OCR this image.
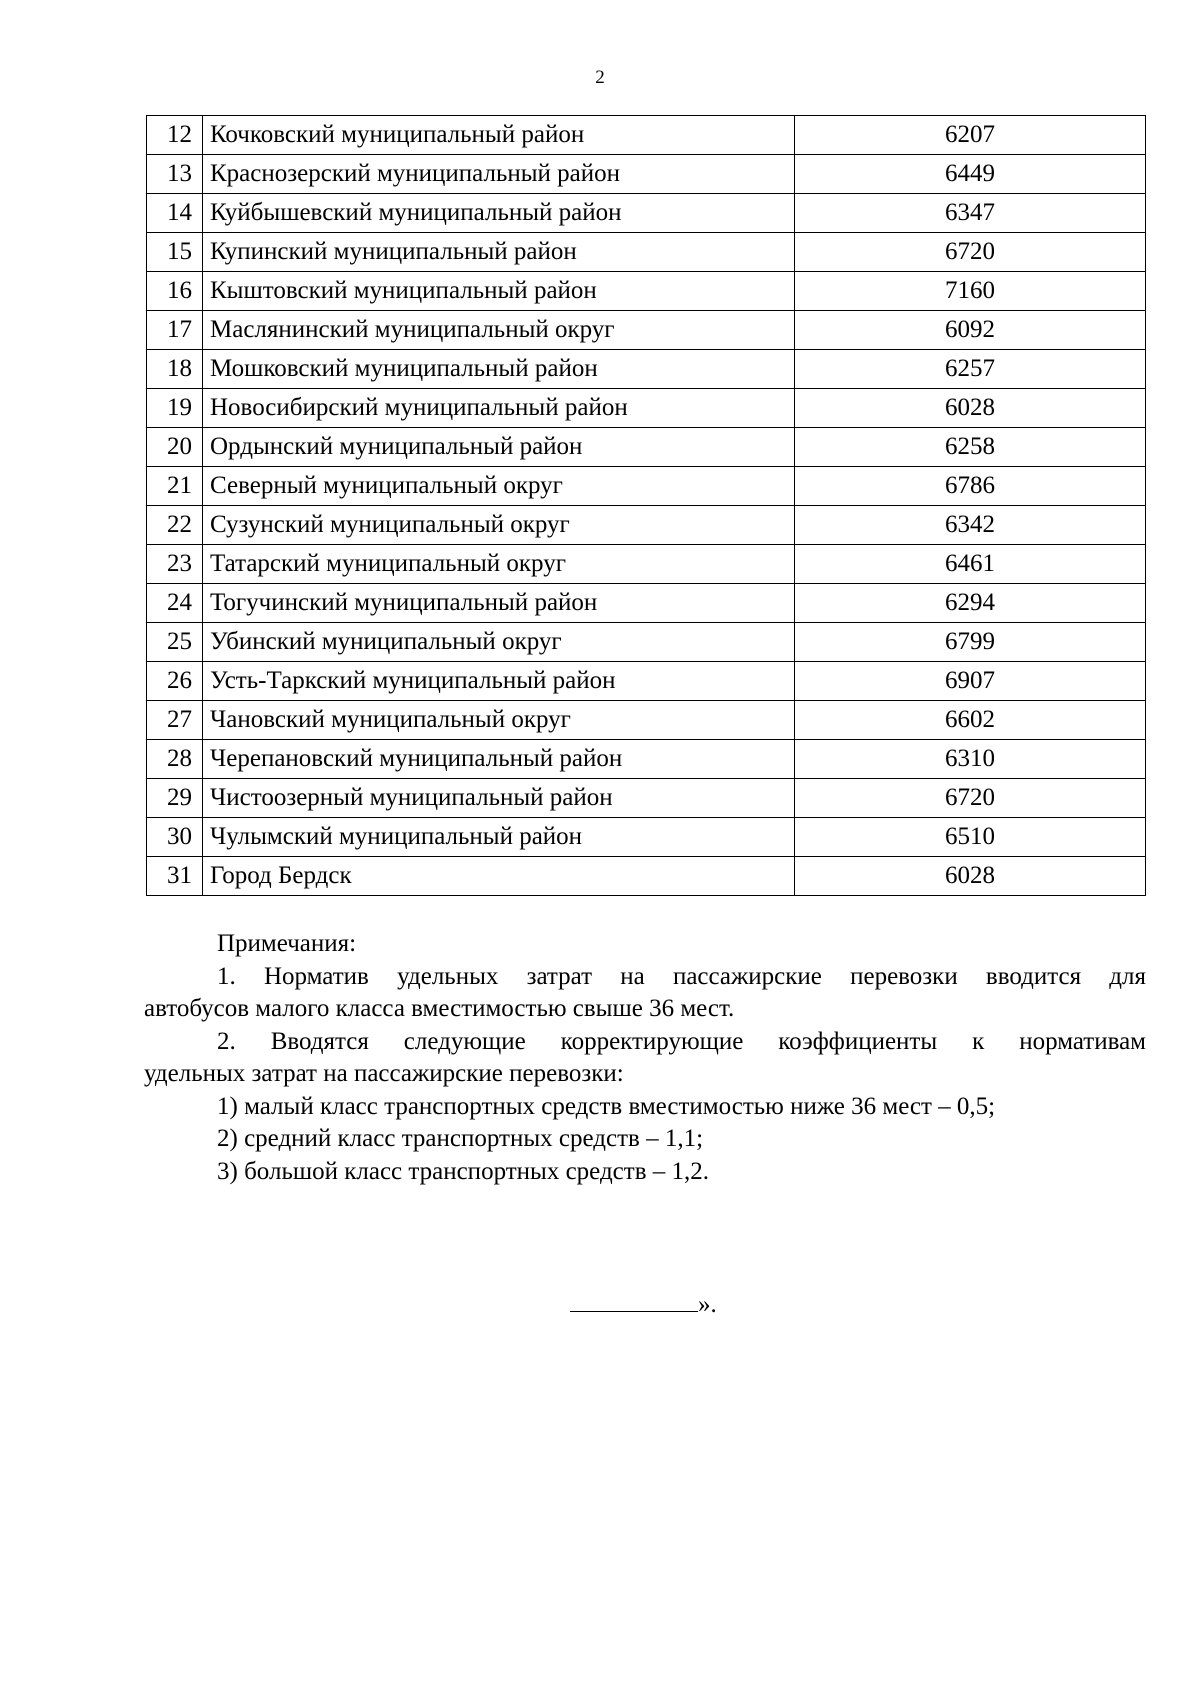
2
12	Кочковский муниципальный район	6207
13	Краснозерский муниципальный район	6449
14	Куйбышевский муниципальный район	6347
15	Купинский муниципальный район	6720
16	Кыштовский муниципальный район	7160
17	Маслянинский муниципальный округ	6092
18	Мошковский муниципальный район	6257
19	Новосибирский муниципальный район	6028
20	Ордынский муниципальный район	6258
21	Северный муниципальный округ	6786
22	Сузунский муниципальный округ	6342
23	Татарский муниципальный округ	6461
24	Тогучинский муниципальный район	6294
25	Убинский муниципальный округ	6799
26	Усть-Таркский муниципальный район	6907
27	Чановский муниципальный округ	6602
28	Черепановский муниципальный район	6310
29	Чистоозерный муниципальный район	6720
30	Чулымский муниципальный район	6510
31	Город Бердск	6028

Примечания:

1. Норматив удельных затрат на пассажирские перевозки вводится для

автобусов малого класса вместимостью свыше 36 мест.

2. Вводятся следующие корректирующие коэффициенты к нормативам

удельных затрат на пассажирские перевозки:

1) малый класс транспортных средств вместимостью ниже 36 мест – 0,5;

2) средний класс транспортных средств – 1,1;

3) большой класс транспортных средств – 1,2.

».
